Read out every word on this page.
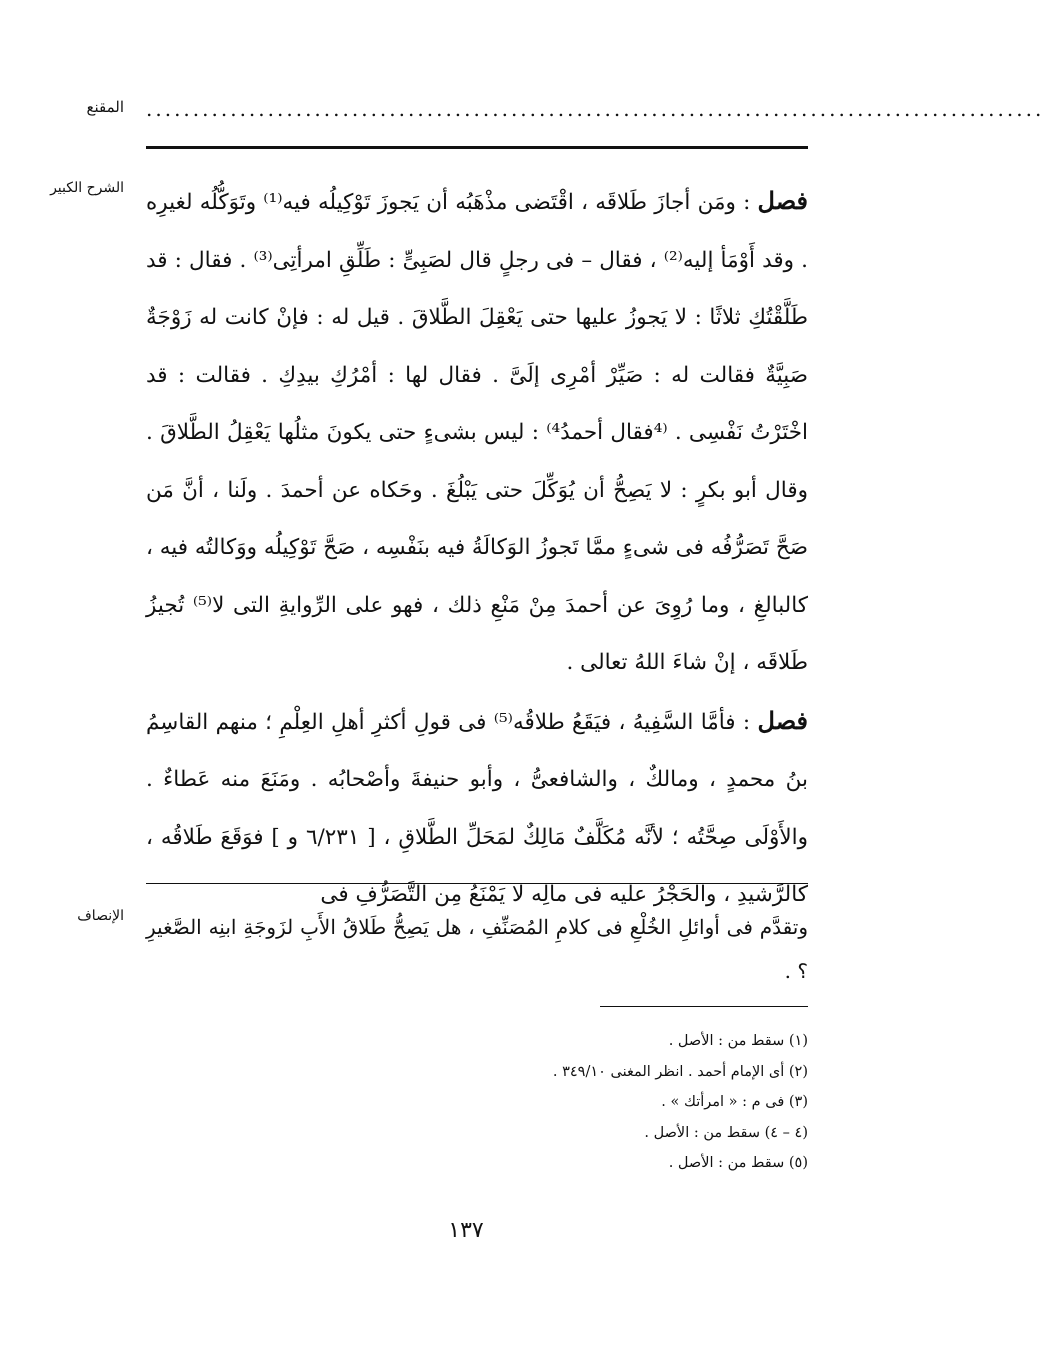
المقنع ................................................................................................
الشرح الكبير	فصل : ومَن أجازَ طَلاقَه ، اقْتَضى مذْهَبُه أن يَجوزَ تَوْكِيلُه فيه⁽¹⁾ وتَوَكُّلُه لغيرِه . وقد أَوْمَأ إليه⁽²⁾ ، فقال – فى رجلٍ قال لصَبِىٍّ : طَلِّقِ امرأتِى⁽³⁾ . فقال : قد طَلَّقْتُكِ ثلاثًا : لا يَجوزُ عليها حتى يَعْقِلَ الطَّلاقَ . قيل له : فإنْ كانت له زَوْجَةٌ صَبِيَّةٌ فقالت له : صَيِّرْ أمْرِى إلَىَّ . فقال لها : أمْرُكِ بيدِكِ . فقالت : قد اخْتَرْتُ نَفْسِى . ⁽⁴فقال أحمدُ⁴⁾ : ليس بشىءٍ حتى يكونَ مثلُها يَعْقِلُ الطَّلاقَ . وقال أبو بكرٍ : لا يَصِحُّ أن يُوَكِّلَ حتى يَبْلُغَ . وحَكاه عن أحمدَ . ولَنا ، أنَّ مَن صَحَّ تَصَرُّفُه فى شىءٍ ممَّا تَجوزُ الوَكالَةُ فيه بنَفْسِه ، صَحَّ تَوْكِيلُه ووَكالتُه فيه ، كالبالغِ ، وما رُوِىَ عن أحمدَ مِنْ مَنْعِ ذلك ، فهو على الرِّوايةِ التى لا⁽⁵⁾ تُجيزُ طَلاقَه ، إنْ شاءَ اللهُ تعالى .

فصل : فأمَّا السَّفِيهُ ، فيَقَعُ طلاقُه⁽⁵⁾ فى قولِ أكثرِ أهلِ العِلْمِ ؛ منهم القاسِمُ بنُ محمدٍ ، ومالكٌ ، والشافعىُّ ، وأبو حنيفةَ وأصْحابُه . ومَنَعَ منه عَطاءٌ . والأَوْلَى صِحَّتُه ؛ لأنَّه مُكَلَّفٌ مَالِكٌ لمَحَلِّ الطَّلاقِ ، [ ٦/٢٣١ و ] فوَقَعَ طَلاقُه ، كالرَّشيدِ ، والحَجْرُ عليه فى مالِه لا يَمْنَعُ مِن التَّصَرُّفِ فى

الإنصاف وتقدَّم فى أوائلِ الخُلْعِ فى كلامِ المُصَنِّفِ ، هل يَصِحُّ طَلاقُ الأَبِ لزَوجَةِ ابنِه الصَّغيرِ ؟ .

(١) سقط من : الأصل .
(٢) أى الإمام أحمد . انظر المغنى ٣٤٩/١٠ .
(٣) فى م : « امرأتك » .
(٤ – ٤) سقط من : الأصل .
(٥) سقط من : الأصل .
١٣٧
